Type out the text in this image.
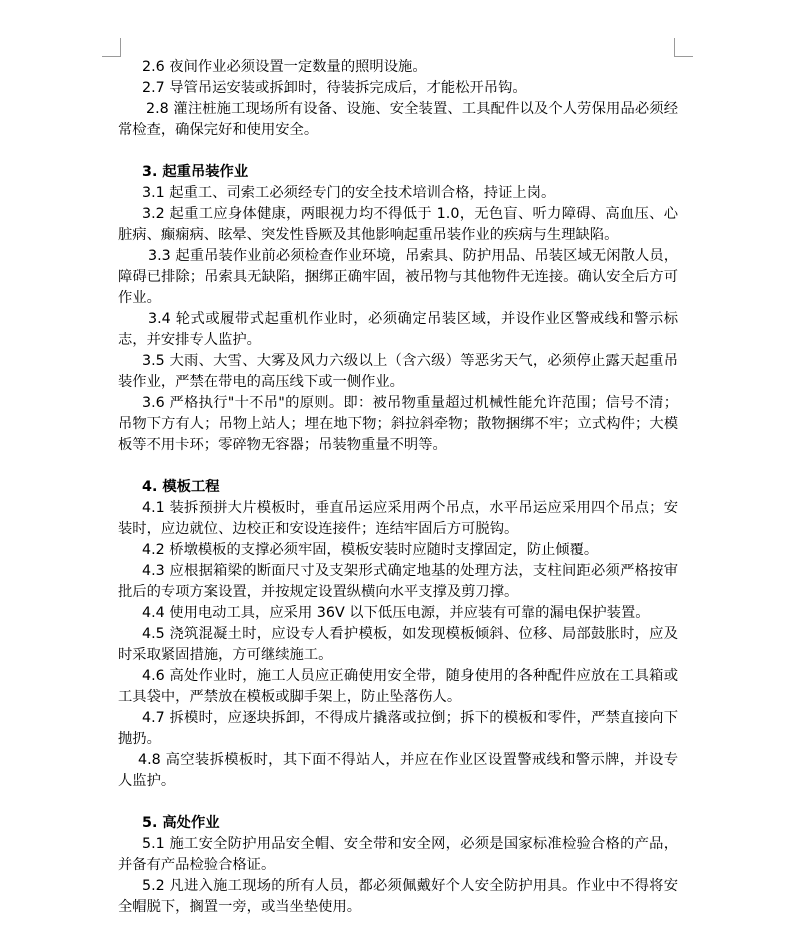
2.6 夜间作业必须设置一定数量的照明设施。

2.7 导管吊运安装或拆卸时，待装拆完成后，才能松开吊钩。

2.8 灌注桩施工现场所有设备、设施、安全装置、工具配件以及个人劳保用品必须经常检查，确保完好和使用安全。

3. 起重吊装作业

3.1 起重工、司索工必须经专门的安全技术培训合格，持证上岗。

3.2 起重工应身体健康，两眼视力均不得低于 1.0，无色盲、听力障碍、高血压、心脏病、癫痫病、眩晕、突发性昏厥及其他影响起重吊装作业的疾病与生理缺陷。

3.3 起重吊装作业前必须检查作业环境，吊索具、防护用品、吊装区域无闲散人员，障碍已排除；吊索具无缺陷，捆绑正确牢固，被吊物与其他物件无连接。确认安全后方可作业。

3.4 轮式或履带式起重机作业时，必须确定吊装区域，并设作业区警戒线和警示标志，并安排专人监护。

3.5 大雨、大雪、大雾及风力六级以上（含六级）等恶劣天气，必须停止露天起重吊装作业，严禁在带电的高压线下或一侧作业。

3.6 严格执行"十不吊"的原则。即：被吊物重量超过机械性能允许范围；信号不清；吊物下方有人；吊物上站人；埋在地下物；斜拉斜牵物；散物捆绑不牢；立式构件；大模板等不用卡环；零碎物无容器；吊装物重量不明等。

4. 模板工程

4.1 装拆预拼大片模板时，垂直吊运应采用两个吊点，水平吊运应采用四个吊点；安装时，应边就位、边校正和安设连接件；连结牢固后方可脱钩。

4.2 桥墩模板的支撑必须牢固，模板安装时应随时支撑固定，防止倾覆。

4.3 应根据箱梁的断面尺寸及支架形式确定地基的处理方法，支柱间距必须严格按审批后的专项方案设置，并按规定设置纵横向水平支撑及剪刀撑。

4.4 使用电动工具，应采用 36V 以下低压电源，并应装有可靠的漏电保护装置。

4.5 浇筑混凝土时，应设专人看护模板，如发现模板倾斜、位移、局部鼓胀时，应及时采取紧固措施，方可继续施工。

4.6 高处作业时，施工人员应正确使用安全带，随身使用的各种配件应放在工具箱或工具袋中，严禁放在模板或脚手架上，防止坠落伤人。

4.7 拆模时，应逐块拆卸，不得成片撬落或拉倒；拆下的模板和零件，严禁直接向下抛扔。

4.8 高空装拆模板时，其下面不得站人，并应在作业区设置警戒线和警示牌，并设专人监护。

5. 高处作业

5.1 施工安全防护用品安全帽、安全带和安全网，必须是国家标准检验合格的产品，并备有产品检验合格证。

5.2 凡进入施工现场的所有人员，都必须佩戴好个人安全防护用具。作业中不得将安全帽脱下，搁置一旁，或当坐垫使用。
